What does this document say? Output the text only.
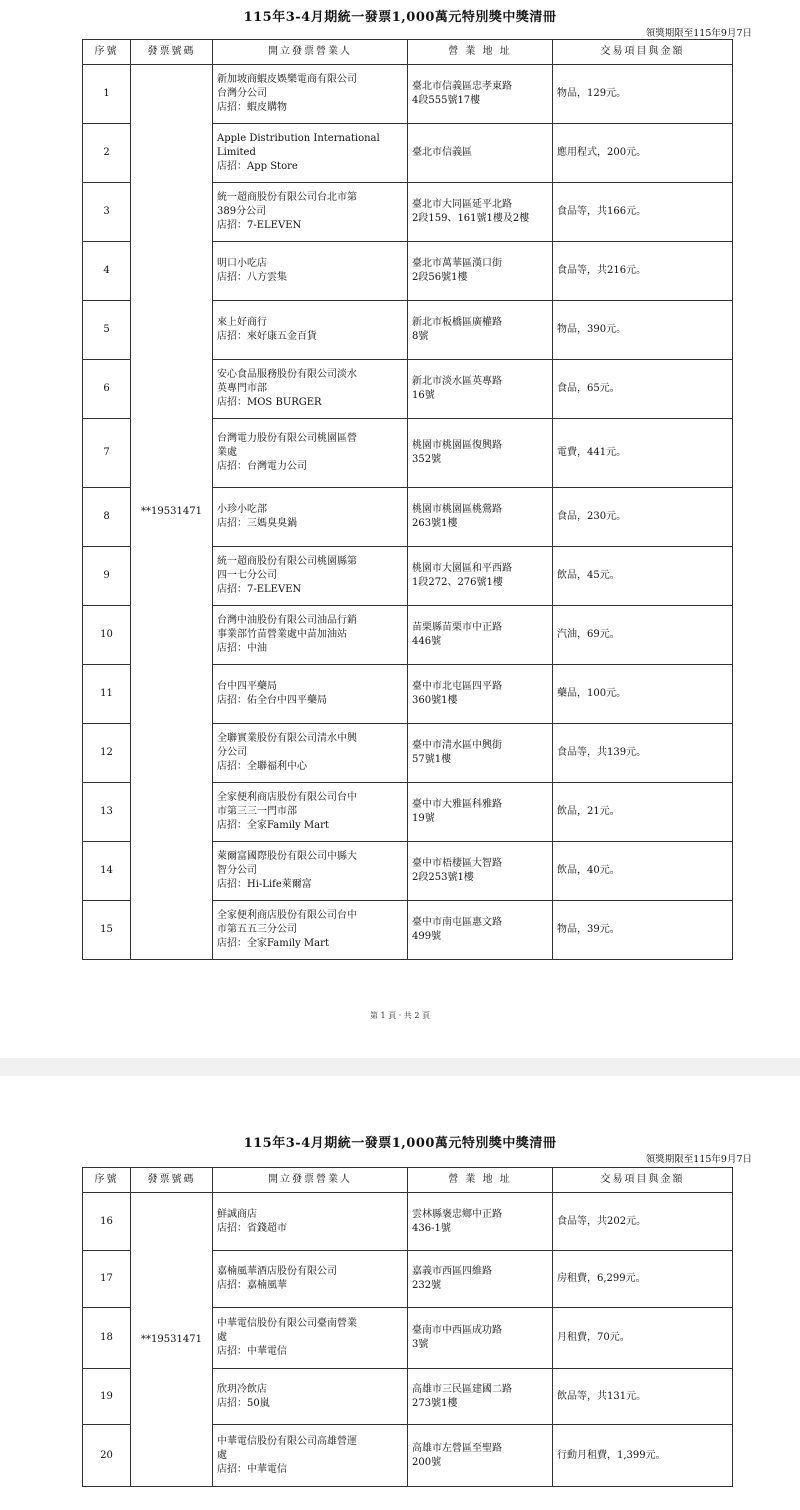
115年3-4月期統一發票1,000萬元特別獎中獎清冊
領獎期限至115年9月7日
序號	發票號碼	開立發票營業人	營 業 地 址	交易項目與金額
1	**19531471	新加坡商蝦皮娛樂電商有限公司
台灣分公司
店招：蝦皮購物	臺北市信義區忠孝東路
4段555號17樓	物品，129元。
2		Apple Distribution International
Limited
店招：App Store	臺北市信義區	應用程式，200元。
3		統一超商股份有限公司台北市第
389分公司
店招：7-ELEVEN	臺北市大同區延平北路
2段159、161號1樓及2樓	食品等，共166元。
4		明口小吃店
店招：八方雲集	臺北市萬華區漢口街
2段56號1樓	食品等，共216元。
5		來上好商行
店招：來好康五金百貨	新北市板橋區廣權路
8號	物品，390元。
6		安心食品服務股份有限公司淡水
英專門市部
店招：MOS BURGER	新北市淡水區英專路
16號	食品，65元。
7		台灣電力股份有限公司桃園區營
業處
店招：台灣電力公司	桃園市桃園區復興路
352號	電費，441元。
8		小珍小吃部
店招：三媽臭臭鍋	桃園市桃園區桃鶯路
263號1樓	食品，230元。
9		統一超商股份有限公司桃園縣第
四一七分公司
店招：7-ELEVEN	桃園市大園區和平西路
1段272、276號1樓	飲品，45元。
10		台灣中油股份有限公司油品行銷
事業部竹苗營業處中苗加油站
店招：中油	苗栗縣苗栗市中正路
446號	汽油，69元。
11		台中四平藥局
店招：佑全台中四平藥局	臺中市北屯區四平路
360號1樓	藥品，100元。
12		全聯實業股份有限公司清水中興
分公司
店招：全聯福利中心	臺中市清水區中興街
57號1樓	食品等，共139元。
13		全家便利商店股份有限公司台中
市第三三一門市部
店招：全家Family Mart	臺中市大雅區科雅路
19號	飲品，21元。
14		萊爾富國際股份有限公司中縣大
智分公司
店招：Hi-Life萊爾富	臺中市梧棲區大智路
2段253號1樓	飲品，40元。
15		全家便利商店股份有限公司台中
市第五五三分公司
店招：全家Family Mart	臺中市南屯區惠文路
499號	物品，39元。
第 1 頁 · 共 2 頁
115年3-4月期統一發票1,000萬元特別獎中獎清冊
領獎期限至115年9月7日
序號	發票號碼	開立發票營業人	營 業 地 址	交易項目與金額
16	**19531471	鮮誠商店
店招：省錢超市	雲林縣褒忠鄉中正路
436-1號	食品等，共202元。
17		嘉楠風華酒店股份有限公司
店招：嘉楠風華	嘉義市西區四維路
232號	房租費，6,299元。
18		中華電信股份有限公司臺南營業
處
店招：中華電信	臺南市中西區成功路
3號	月租費，70元。
19		欣玥冷飲店
店招：50嵐	高雄市三民區建國二路
273號1樓	飲品等，共131元。
20		中華電信股份有限公司高雄營運
處
店招：中華電信	高雄市左營區至聖路
200號	行動月租費，1,399元。
